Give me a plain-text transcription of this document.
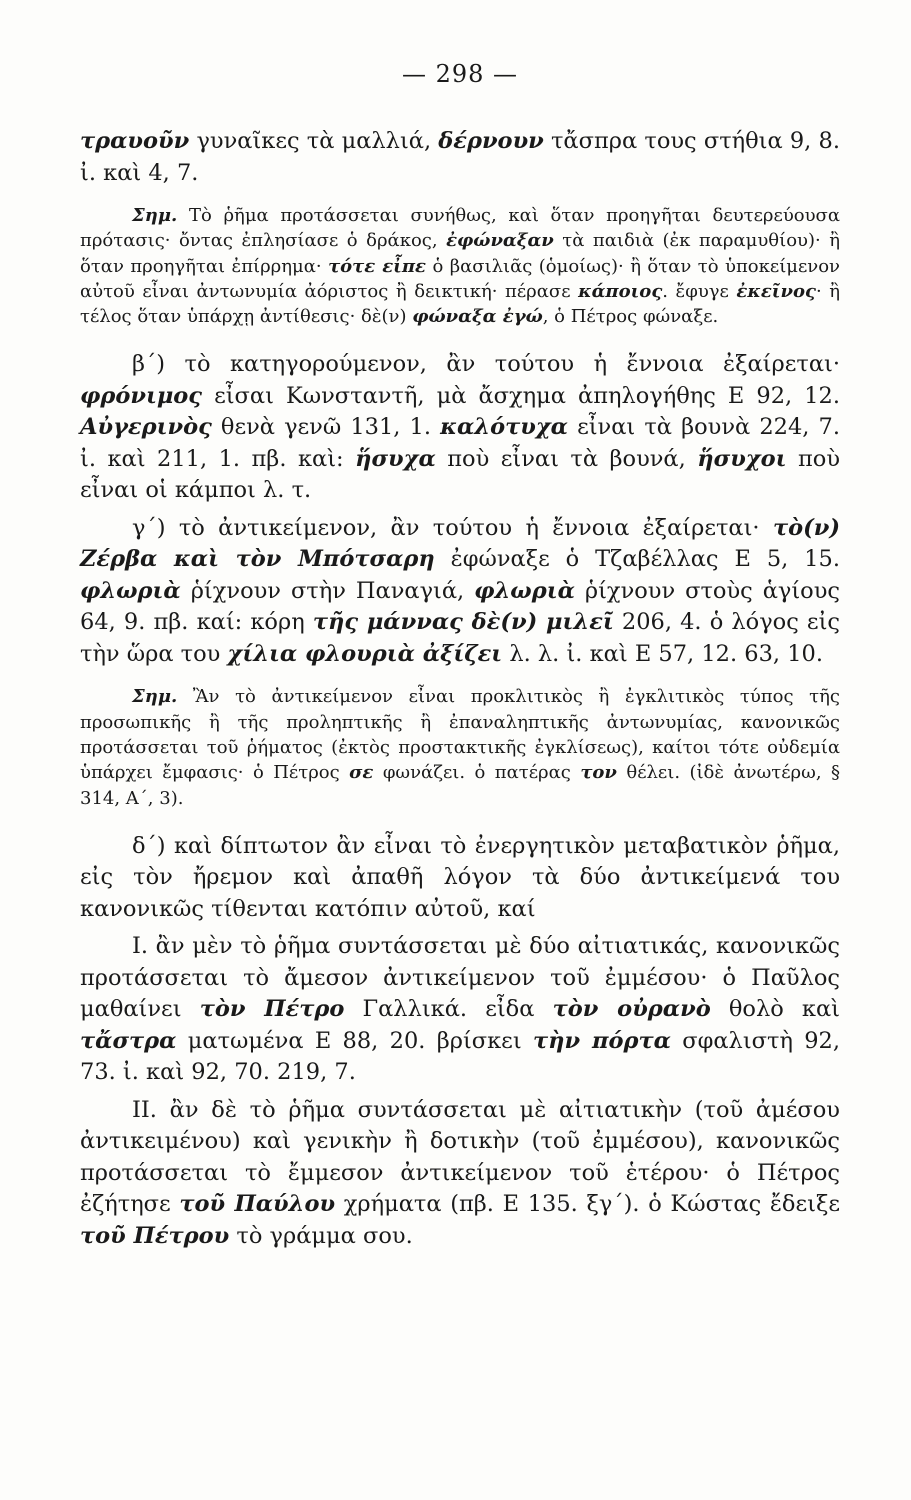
— 298 —

τραυοῦν γυναῖκες τὰ μαλλιά, δέρνουν τἄσπρα τους στήθια 9, 8. ἰ. καὶ 4, 7.

Σημ. Τὸ ῥῆμα προτάσσεται συνήθως, καὶ ὅταν προηγῆται δευτερεύουσα πρότασις· ὄντας ἐπλησίασε ὁ δράκος, ἐφώναξαν τὰ παιδιὰ (ἐκ παραμυθίου)· ἢ ὅταν προηγῆται ἐπίρρημα· τότε εἶπε ὁ βασιλιᾶς (ὁμοίως)· ἢ ὅταν τὸ ὑποκείμενον αὐτοῦ εἶναι ἀντωνυμία ἀόριστος ἢ δεικτική· πέρασε κάποιος. ἔφυγε ἐκεῖνος· ἢ τέλος ὅταν ὑπάρχῃ ἀντίθεσις· δὲ(ν) φώναξα ἐγώ, ὁ Πέτρος φώναξε.

β΄) τὸ κατηγορούμενον, ἂν τούτου ἡ ἔννοια ἐξαίρεται· φρόνιμος εἶσαι Κωνσταντῆ, μὰ ἄσχημα ἀπηλογήθης Ε 92, 12. Αὐγερινὸς θενὰ γενῶ 131, 1. καλότυχα εἶναι τὰ βουνὰ 224, 7. ἰ. καὶ 211, 1. πβ. καὶ: ἥσυχα ποὺ εἶναι τὰ βουνά, ἥσυχοι ποὺ εἶναι οἱ κάμποι λ. τ.

γ΄) τὸ ἀντικείμενον, ἂν τούτου ἡ ἔννοια ἐξαίρεται· τὸ(ν) Ζέρβα καὶ τὸν Μπότσαρη ἐφώναξε ὁ Τζαβέλλας Ε 5, 15. φλωριὰ ῥίχνουν στὴν Παναγιά, φλωριὰ ῥίχνουν στοὺς ἁγίους 64, 9. πβ. καί: κόρη τῆς μάννας δὲ(ν) μιλεῖ 206, 4. ὁ λόγος εἰς τὴν ὥρα του χίλια φλουριὰ ἀξίζει λ. λ. ἰ. καὶ Ε 57, 12. 63, 10.

Σημ. Ἂν τὸ ἀντικείμενον εἶναι προκλιτικὸς ἢ ἐγκλιτικὸς τύπος τῆς προσωπικῆς ἢ τῆς προληπτικῆς ἢ ἐπαναληπτικῆς ἀντωνυμίας, κανονικῶς προτάσσεται τοῦ ῥήματος (ἐκτὸς προστακτικῆς ἐγκλίσεως), καίτοι τότε οὐδεμία ὑπάρχει ἔμφασις· ὁ Πέτρος σε φωνάζει. ὁ πατέρας τον θέλει. (ἰδὲ ἀνωτέρω, § 314, Α΄, 3).

δ΄) καὶ δίπτωτον ἂν εἶναι τὸ ἐνεργητικὸν μεταβατικὸν ῥῆμα, εἰς τὸν ἤρεμον καὶ ἀπαθῆ λόγον τὰ δύο ἀντικείμενά του κανονικῶς τίθενται κατόπιν αὐτοῦ, καί

Ι. ἂν μὲν τὸ ῥῆμα συντάσσεται μὲ δύο αἰτιατικάς, κανονικῶς προτάσσεται τὸ ἄμεσον ἀντικείμενον τοῦ ἐμμέσου· ὁ Παῦλος μαθαίνει τὸν Πέτρο Γαλλικά. εἶδα τὸν οὐρανὸ θολὸ καὶ τἄστρα ματωμένα Ε 88, 20. βρίσκει τὴν πόρτα σφαλιστὴ 92, 73. ἰ. καὶ 92, 70. 219, 7.

ΙΙ. ἂν δὲ τὸ ῥῆμα συντάσσεται μὲ αἰτιατικὴν (τοῦ ἀμέσου ἀντικειμένου) καὶ γενικὴν ἢ δοτικὴν (τοῦ ἐμμέσου), κανονικῶς προτάσσεται τὸ ἔμμεσον ἀντικείμενον τοῦ ἑτέρου· ὁ Πέτρος ἐζήτησε τοῦ Παύλου χρήματα (πβ. Ε 135. ξγ΄). ὁ Κώστας ἔδειξε τοῦ Πέτρου τὸ γράμμα σου.
